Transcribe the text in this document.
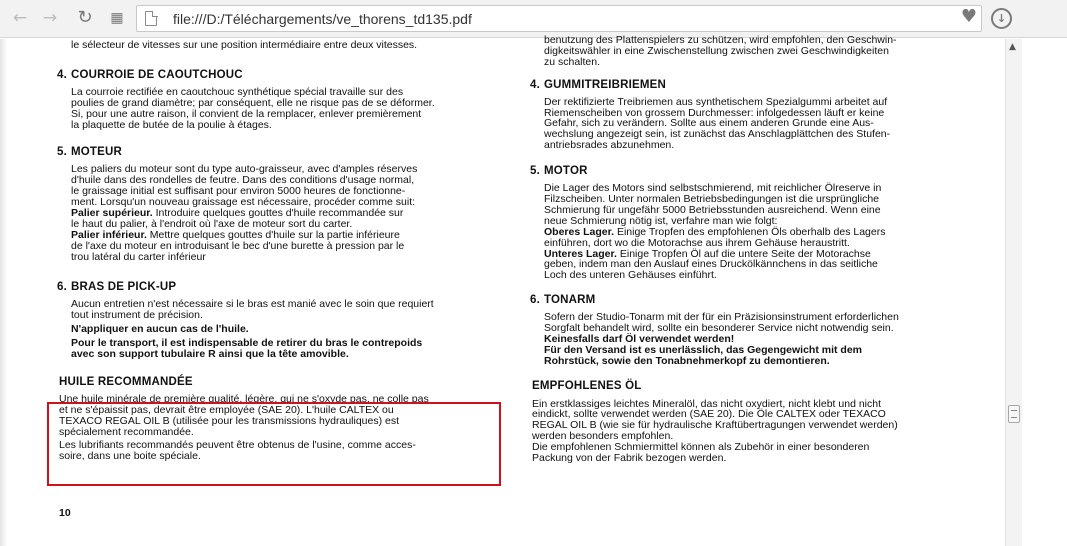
← → ↻	▦	file:///D:/Téléchargements/ve_thorens_td135.pdf	♥	↓
le sélecteur de vitesses sur une position intermédiaire entre deux vitesses.
4. COURROIE DE CAOUTCHOUC
La courroie rectifiée en caoutchouc synthétique spécial travaille sur des
poulies de grand diamètre; par conséquent, elle ne risque pas de se déformer.
Si, pour une autre raison, il convient de la remplacer, enlever premièrement
la plaquette de butée de la poulie à étages.
5. MOTEUR
Les paliers du moteur sont du type auto-graisseur, avec d'amples réserves
d'huile dans des rondelles de feutre. Dans des conditions d'usage normal,
le graissage initial est suffisant pour environ 5000 heures de fonctionne-
ment. Lorsqu'un nouveau graissage est nécessaire, procéder comme suit:
Palier supérieur. Introduire quelques gouttes d'huile recommandée sur
le haut du palier, à l'endroit où l'axe de moteur sort du carter.
Palier inférieur. Mettre quelques gouttes d'huile sur la partie inférieure
de l'axe du moteur en introduisant le bec d'une burette à pression par le
trou latéral du carter inférieur
6. BRAS DE PICK-UP
Aucun entretien n'est nécessaire si le bras est manié avec le soin que requiert
tout instrument de précision.
N'appliquer en aucun cas de l'huile.
Pour le transport, il est indispensable de retirer du bras le contrepoids
avec son support tubulaire R ainsi que la tête amovible.
HUILE RECOMMANDÉE
Une huile minérale de première qualité, légère, qui ne s'oxyde pas, ne colle pas
et ne s'épaissit pas, devrait être employée (SAE 20). L'huile CALTEX ou
TEXACO REGAL OIL B (utilisée pour les transmissions hydrauliques) est
spécialement recommandée.
Les lubrifiants recommandés peuvent être obtenus de l'usine, comme acces-
soire, dans une boite spéciale.
10
benutzung des Plattenspielers zu schützen, wird empfohlen, den Geschwin-
digkeitswähler in eine Zwischenstellung zwischen zwei Geschwindigkeiten
zu schalten.
4. GUMMITREIBRIEMEN
Der rektifizierte Treibriemen aus synthetischem Spezialgummi arbeitet auf
Riemenscheiben von grossem Durchmesser: infolgedessen läuft er keine
Gefahr, sich zu verändern. Sollte aus einem anderen Grunde eine Aus-
wechslung angezeigt sein, ist zunächst das Anschlagplättchen des Stufen-
antriebsrades abzunehmen.
5. MOTOR
Die Lager des Motors sind selbstschmierend, mit reichlicher Ölreserve in
Filzscheiben. Unter normalen Betriebsbedingungen ist die ursprüngliche
Schmierung für ungefähr 5000 Betriebsstunden ausreichend. Wenn eine
neue Schmierung nötig ist, verfahre man wie folgt:
Oberes Lager. Einige Tropfen des empfohlenen Öls oberhalb des Lagers
einführen, dort wo die Motorachse aus ihrem Gehäuse heraustritt.
Unteres Lager. Einige Tropfen Öl auf die untere Seite der Motorachse
geben, indem man den Auslauf eines Druckölkännchens in das seitliche
Loch des unteren Gehäuses einführt.
6. TONARM
Sofern der Studio-Tonarm mit der für ein Präzisionsinstrument erforderlichen
Sorgfalt behandelt wird, sollte ein besonderer Service nicht notwendig sein.
Keinesfalls darf Öl verwendet werden!
Für den Versand ist es unerlässlich, das Gegengewicht mit dem
Rohrstück, sowie den Tonabnehmerkopf zu demontieren.
EMPFOHLENES ÖL
Ein erstklassiges leichtes Mineralöl, das nicht oxydiert, nicht klebt und nicht
eindickt, sollte verwendet werden (SAE 20). Die Öle CALTEX oder TEXACO
REGAL OIL B (wie sie für hydraulische Kraftübertragungen verwendet werden)
werden besonders empfohlen.
Die empfohlenen Schmiermittel können als Zubehör in einer besonderen
Packung von der Fabrik bezogen werden.
▲
